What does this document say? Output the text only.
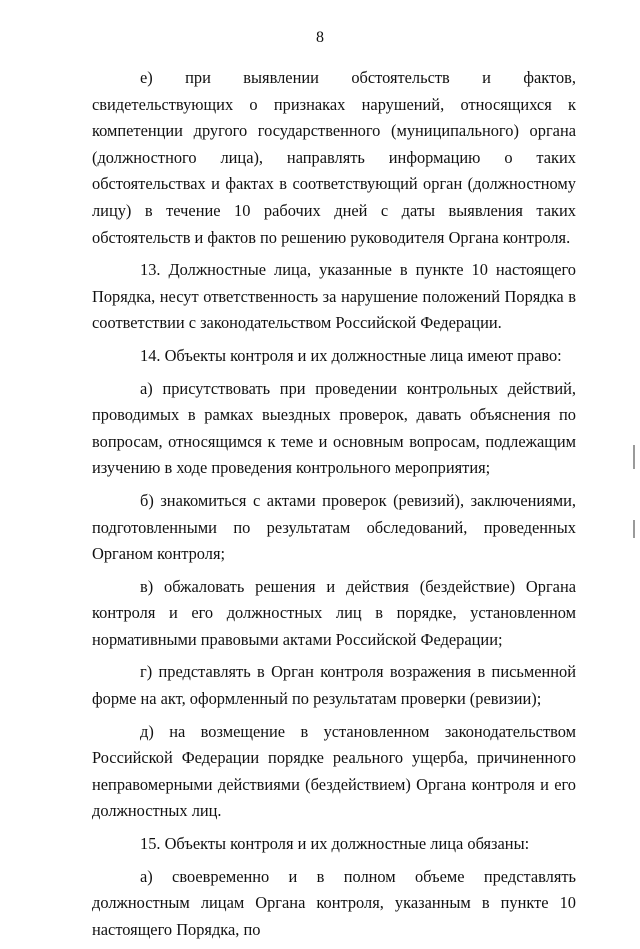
8

е) при выявлении обстоятельств и фактов, свидетельствующих о признаках нарушений, относящихся к компетенции другого государственного (муниципального) органа (должностного лица), направлять информацию о таких обстоятельствах и фактах в соответствующий орган (должностному лицу) в течение 10 рабочих дней с даты выявления таких обстоятельств и фактов по решению руководителя Органа контроля.

13. Должностные лица, указанные в пункте 10 настоящего Порядка, несут ответственность за нарушение положений Порядка в соответствии с законодательством Российской Федерации.

14. Объекты контроля и их должностные лица имеют право:

а) присутствовать при проведении контрольных действий, проводимых в рамках выездных проверок, давать объяснения по вопросам, относящимся к теме и основным вопросам, подлежащим изучению в ходе проведения контрольного мероприятия;

б) знакомиться с актами проверок (ревизий), заключениями, подготовленными по результатам обследований, проведенных Органом контроля;

в) обжаловать решения и действия (бездействие) Органа контроля и его должностных лиц в порядке, установленном нормативными правовыми актами Российской Федерации;

г) представлять в Орган контроля возражения в письменной форме на акт, оформленный по результатам проверки (ревизии);

д) на возмещение в установленном законодательством Российской Федерации порядке реального ущерба, причиненного неправомерными действиями (бездействием) Органа контроля и его должностных лиц.

15. Объекты контроля и их должностные лица обязаны:

а) своевременно и в полном объеме представлять должностным лицам Органа контроля, указанным в пункте 10 настоящего Порядка, по
